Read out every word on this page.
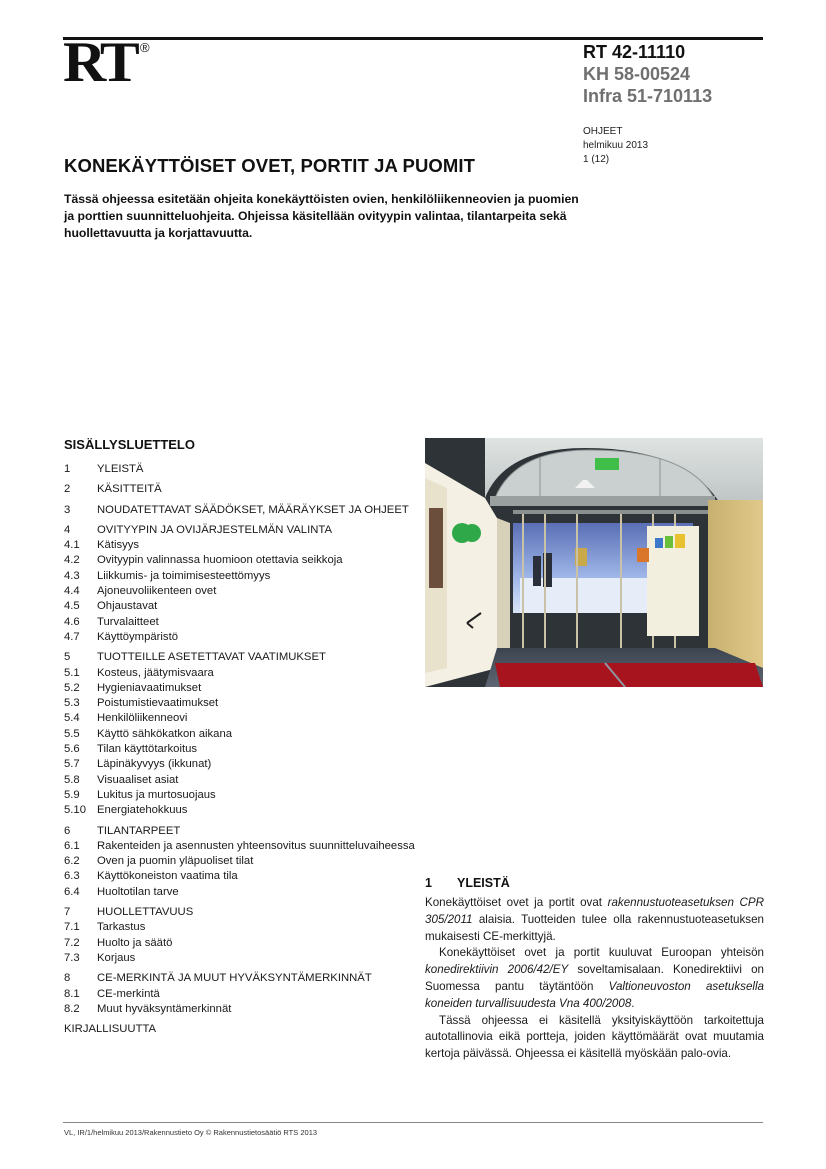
RT ®	RT 42-11110
KH 58-00524
Infra 51-710113
OHJEET
helmikuu 2013
1 (12)
KONEKÄYTTÖISET OVET, PORTIT JA PUOMIT
Tässä ohjeessa esitetään ohjeita konekäyttöisten ovien, henkilöliikenneovien ja puomien ja porttien suunnitteluohjeita. Ohjeissa käsitellään ovityypin valintaa, tilantarpeita sekä huollettavuutta ja korjattavuutta.
SISÄLLYSLUETTELO
1	YLEISTÄ
2	KÄSITTEITÄ
3	NOUDATETTAVAT SÄÄDÖKSET, MÄÄRÄYKSET JA OHJEET
4	OVITYYPIN JA OVIJÄRJESTELMÄN VALINTA
4.1	Kätisyys
4.2	Ovityypin valinnassa huomioon otettavia seikkoja
4.3	Liikkumis- ja toimimisesteettömyys
4.4	Ajoneuvoliikenteen ovet
4.5	Ohjaustavat
4.6	Turvalaitteet
4.7	Käyttöympäristö
5	TUOTTEILLE ASETETTAVAT VAATIMUKSET
5.1	Kosteus, jäätymisvaara
5.2	Hygieniavaatimukset
5.3	Poistumistievaatimukset
5.4	Henkilöliikenneovi
5.5	Käyttö sähkökatkon aikana
5.6	Tilan käyttötarkoitus
5.7	Läpinäkyvyys (ikkunat)
5.8	Visuaaliset asiat
5.9	Lukitus ja murtosuojaus
5.10 Energiatehokkuus
6	TILANTARPEET
6.1	Rakenteiden ja asennusten yhteensovitus suunnitteluvaiheessa
6.2	Oven ja puomin yläpuoliset tilat
6.3	Käyttökoneiston vaatima tila
6.4	Huoltotilan tarve
7	HUOLLETTAVUUS
7.1	Tarkastus
7.2	Huolto ja säätö
7.3	Korjaus
8	CE-MERKINTÄ JA MUUT HYVÄKSYNTÄMERKINNÄT
8.1	CE-merkintä
8.2	Muut hyväksyntämerkinnät
KIRJALLISUUTTA
1	YLEISTÄ

Konekäyttöiset ovet ja portit ovat rakennustuoteasetuksen CPR 305/2011 alaisia. Tuotteiden tulee olla rakennustuoteasetuksen mukaisesti CE-merkittyjä.

Konekäyttöiset ovet ja portit kuuluvat Euroopan yhteisön konedirektiivin 2006/42/EY soveltamisalaan. Konedirektiivi on Suomessa pantu täytäntöön Valtioneuvoston asetuksella koneiden turvallisuudesta Vna 400/2008.

Tässä ohjeessa ei käsitellä yksityiskäyttöön tarkoitettuja autotallinovia eikä portteja, joiden käyttömäärät ovat muutamia kertoja päivässä. Ohjeessa ei käsitellä myöskään palo-ovia.

VL, IR/1/helmikuu 2013/Rakennustieto Oy © Rakennustietosäätiö RTS 2013
